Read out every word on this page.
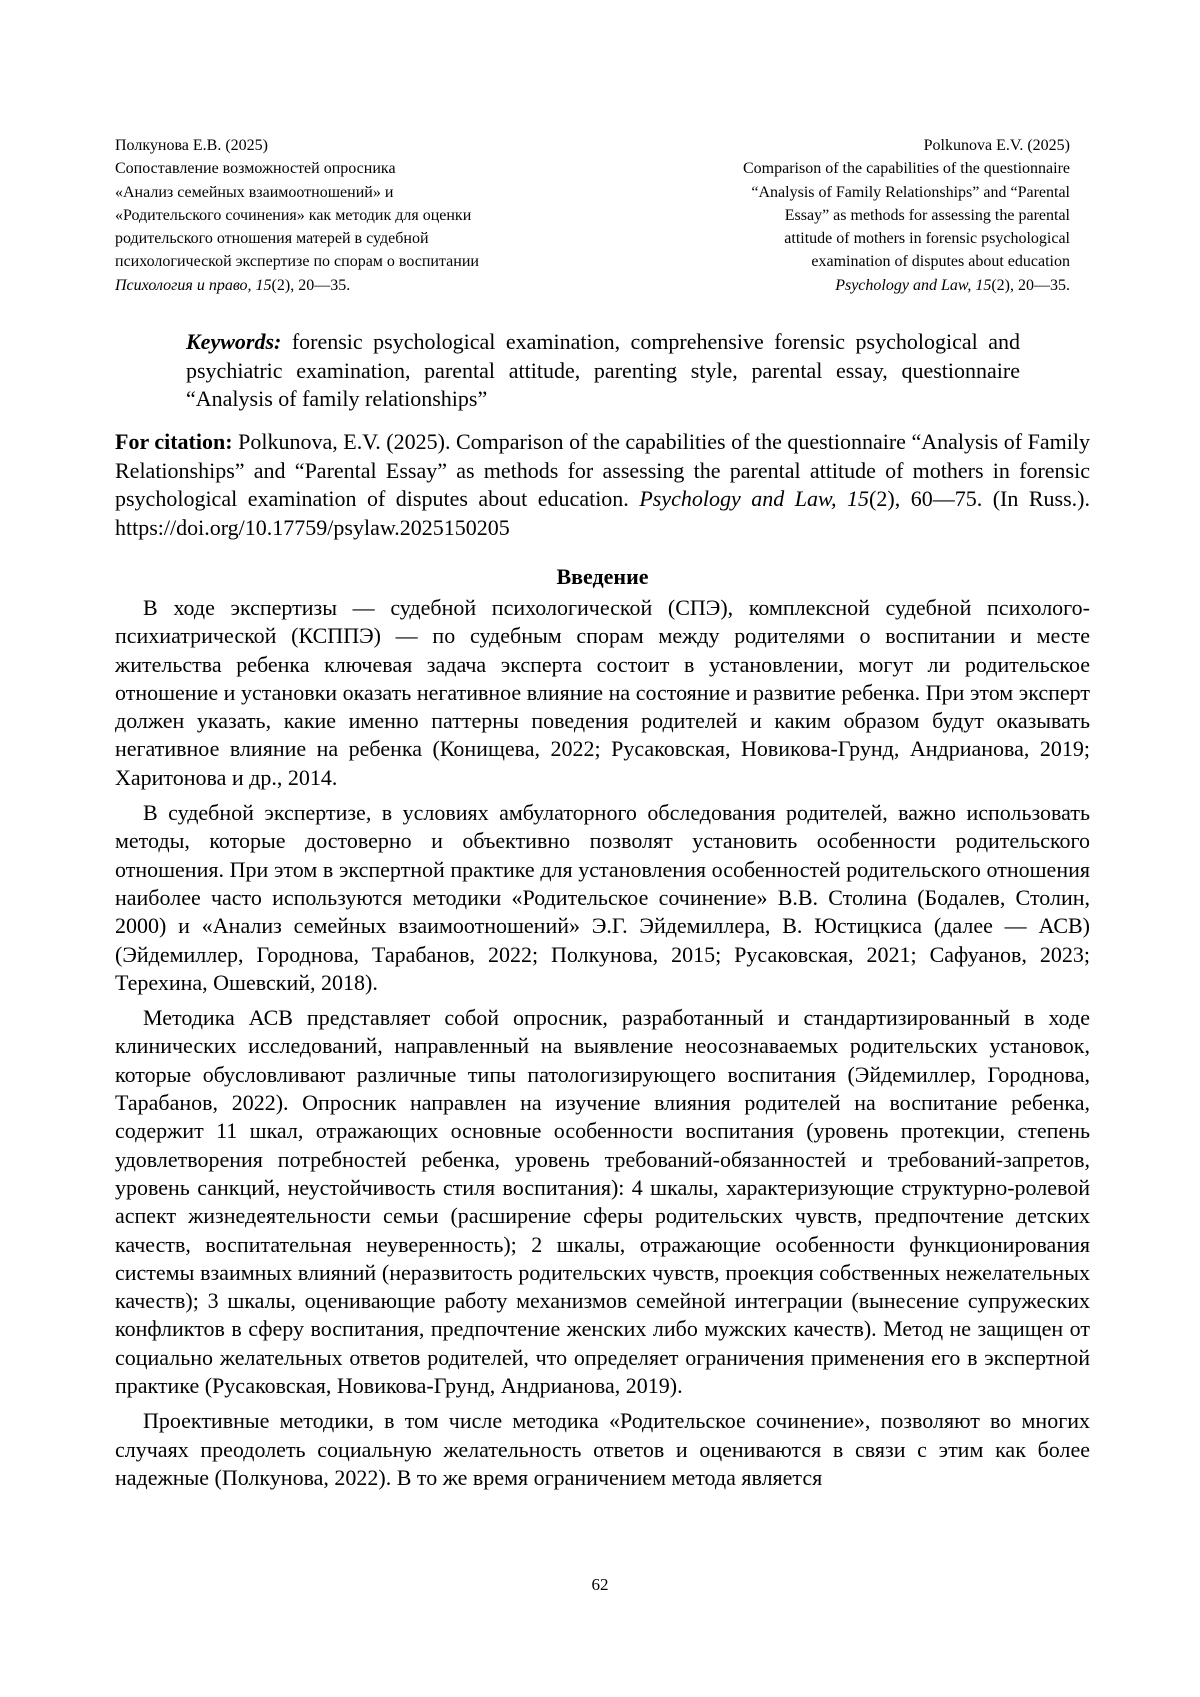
Полкунова Е.В. (2025)
Сопоставление возможностей опросника
«Анализ семейных взаимоотношений» и
«Родительского сочинения» как методик для оценки
родительского отношения матерей в судебной
психологической экспертизе по спорам о воспитании
Психология и право, 15(2), 20—35.
Polkunova E.V. (2025)
Comparison of the capabilities of the questionnaire
“Analysis of Family Relationships” and “Parental
Essay” as methods for assessing the parental
attitude of mothers in forensic psychological
examination of disputes about education
Psychology and Law, 15(2), 20—35.
Keywords: forensic psychological examination, comprehensive forensic psychological and psychiatric examination, parental attitude, parenting style, parental essay, questionnaire “Analysis of family relationships”
For citation: Polkunova, E.V. (2025). Comparison of the capabilities of the questionnaire “Analysis of Family Relationships” and “Parental Essay” as methods for assessing the parental attitude of mothers in forensic psychological examination of disputes about education. Psychology and Law, 15(2), 60—75. (In Russ.). https://doi.org/10.17759/psylaw.2025150205
Введение

В ходе экспертизы — судебной психологической (СПЭ), комплексной судебной психолого-психиатрической (КСППЭ) — по судебным спорам между родителями о воспитании и месте жительства ребенка ключевая задача эксперта состоит в установлении, могут ли родительское отношение и установки оказать негативное влияние на состояние и развитие ребенка. При этом эксперт должен указать, какие именно паттерны поведения родителей и каким образом будут оказывать негативное влияние на ребенка (Конищева, 2022; Русаковская, Новикова-Грунд, Андрианова, 2019; Харитонова и др., 2014.

В судебной экспертизе, в условиях амбулаторного обследования родителей, важно использовать методы, которые достоверно и объективно позволят установить особенности родительского отношения. При этом в экспертной практике для установления особенностей родительского отношения наиболее часто используются методики «Родительское сочинение» В.В. Столина (Бодалев, Столин, 2000) и «Анализ семейных взаимоотношений» Э.Г. Эйдемиллера, В. Юстицкиса (далее — АСВ) (Эйдемиллер, Городнова, Тарабанов, 2022; Полкунова, 2015; Русаковская, 2021; Сафуанов, 2023; Терехина, Ошевский, 2018).

Методика АСВ представляет собой опросник, разработанный и стандартизированный в ходе клинических исследований, направленный на выявление неосознаваемых родительских установок, которые обусловливают различные типы патологизирующего воспитания (Эйдемиллер, Городнова, Тарабанов, 2022). Опросник направлен на изучение влияния родителей на воспитание ребенка, содержит 11 шкал, отражающих основные особенности воспитания (уровень протекции, степень удовлетворения потребностей ребенка, уровень требований-обязанностей и требований-запретов, уровень санкций, неустойчивость стиля воспитания): 4 шкалы, характеризующие структурно-ролевой аспект жизнедеятельности семьи (расширение сферы родительских чувств, предпочтение детских качеств, воспитательная неуверенность); 2 шкалы, отражающие особенности функционирования системы взаимных влияний (неразвитость родительских чувств, проекция собственных нежелательных качеств); 3 шкалы, оценивающие работу механизмов семейной интеграции (вынесение супружеских конфликтов в сферу воспитания, предпочтение женских либо мужских качеств). Метод не защищен от социально желательных ответов родителей, что определяет ограничения применения его в экспертной практике (Русаковская, Новикова-Грунд, Андрианова, 2019).

Проективные методики, в том числе методика «Родительское сочинение», позволяют во многих случаях преодолеть социальную желательность ответов и оцениваются в связи с этим как более надежные (Полкунова, 2022). В то же время ограничением метода является

62
